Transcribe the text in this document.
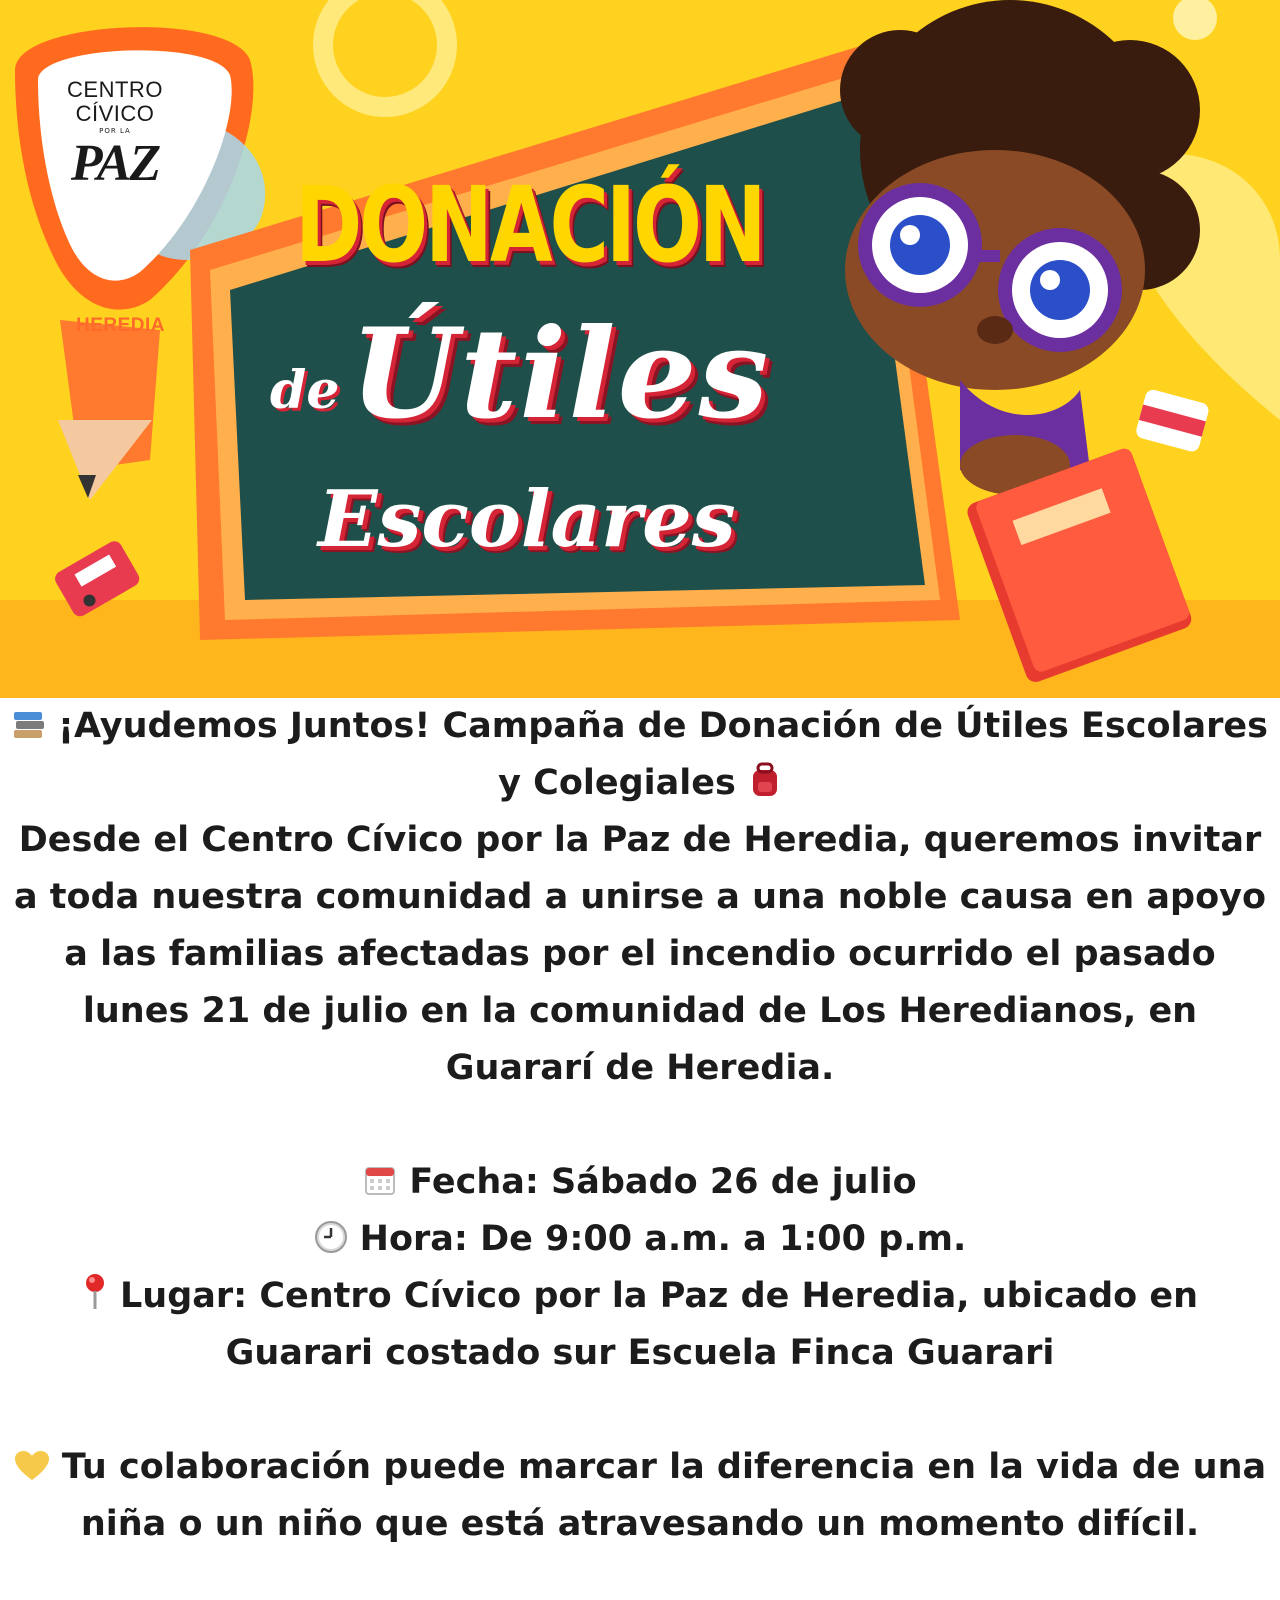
CENTRO
CÍVICO
POR LA
PAZ
HEREDIA
DONACIÓN
de Útiles
Escolares

¡Ayudemos Juntos! Campaña de Donación de Útiles Escolares y Colegiales

Desde el Centro Cívico por la Paz de Heredia, queremos invitar a toda nuestra comunidad a unirse a una noble causa en apoyo a las familias afectadas por el incendio ocurrido el pasado lunes 21 de julio en la comunidad de Los Heredianos, en Guararí de Heredia.

Fecha: Sábado 26 de julio

Hora: De 9:00 a.m. a 1:00 p.m.

Lugar: Centro Cívico por la Paz de Heredia, ubicado en Guarari costado sur Escuela Finca Guarari

Tu colaboración puede marcar la diferencia en la vida de una niña o un niño que está atravesando un momento difícil.
